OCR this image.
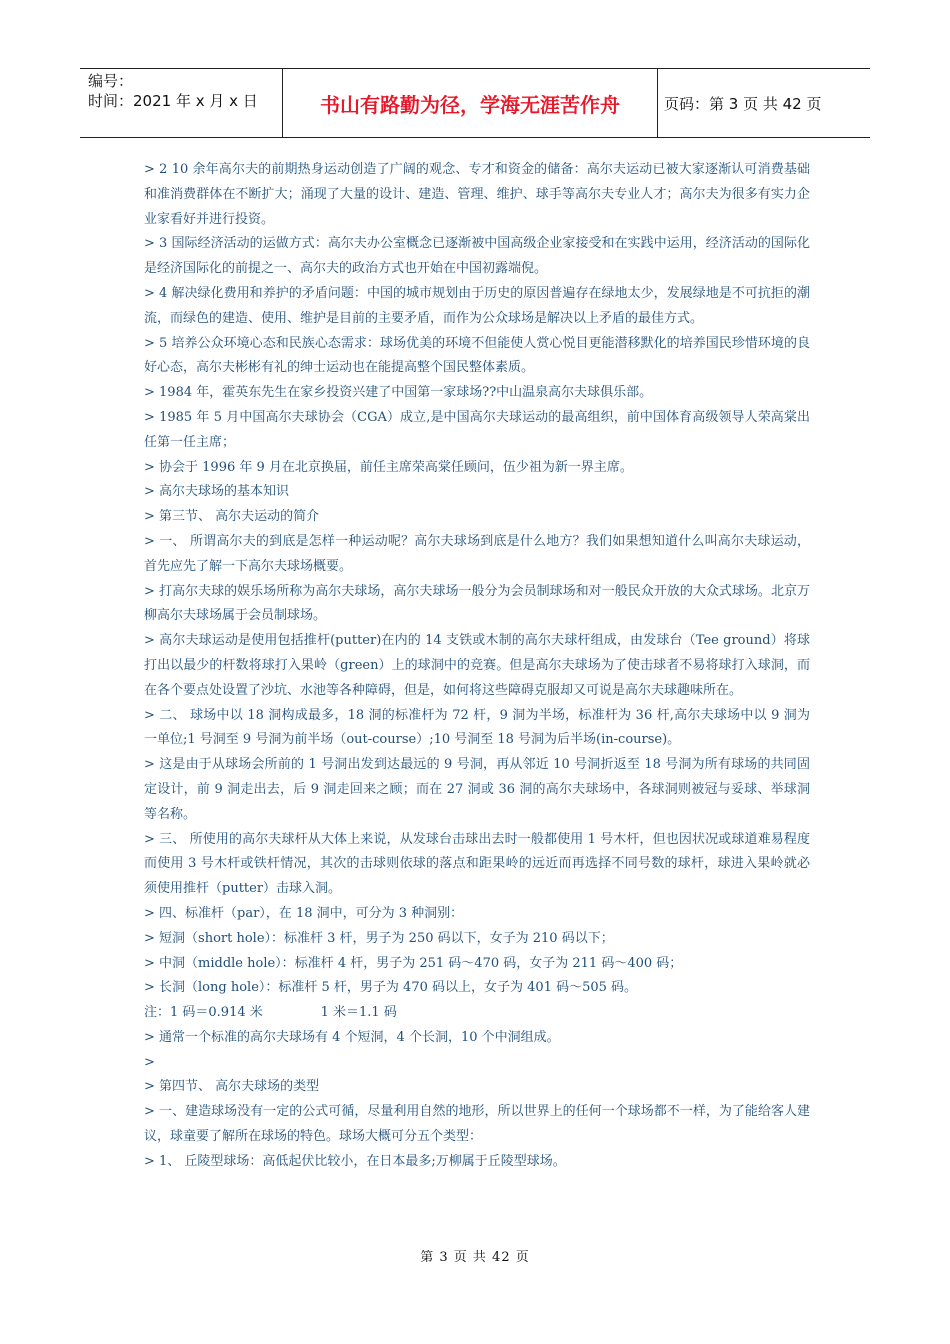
编号：
时间：2021 年 x 月 x 日	书山有路勤为径，学海无涯苦作舟	页码：第 3 页 共 42 页

> 2 10 余年高尔夫的前期热身运动创造了广阔的观念、专才和资金的储备：高尔夫运动已被大家逐渐认可消费基础和准消费群体在不断扩大；涌现了大量的设计、建造、管理、维护、球手等高尔夫专业人才；高尔夫为很多有实力企业家看好并进行投资。

> 3 国际经济活动的运做方式：高尔夫办公室概念已逐渐被中国高级企业家接受和在实践中运用，经济活动的国际化是经济国际化的前提之一、高尔夫的政治方式也开始在中国初露端倪。

> 4 解决绿化费用和养护的矛盾问题：中国的城市规划由于历史的原因普遍存在绿地太少，发展绿地是不可抗拒的潮流，而绿色的建造、使用、维护是目前的主要矛盾，而作为公众球场是解决以上矛盾的最佳方式。

> 5 培养公众环境心态和民族心态需求：球场优美的环境不但能使人赏心悦目更能潜移默化的培养国民珍惜环境的良好心态，高尔夫彬彬有礼的绅士运动也在能提高整个国民整体素质。

> 1984 年，霍英东先生在家乡投资兴建了中国第一家球场??中山温泉高尔夫球俱乐部。

> 1985 年 5 月中国高尔夫球协会（CGA）成立,是中国高尔夫球运动的最高组织，前中国体育高级领导人荣高棠出任第一任主席；

> 协会于 1996 年 9 月在北京换届，前任主席荣高棠任顾问，伍少祖为新一界主席。

> 高尔夫球场的基本知识

> 第三节、 高尔夫运动的简介

> 一、 所谓高尔夫的到底是怎样一种运动呢？高尔夫球场到底是什么地方？我们如果想知道什么叫高尔夫球运动，首先应先了解一下高尔夫球场概要。

> 打高尔夫球的娱乐场所称为高尔夫球场，高尔夫球场一般分为会员制球场和对一般民众开放的大众式球场。北京万柳高尔夫球场属于会员制球场。

> 高尔夫球运动是使用包括推杆(putter)在内的 14 支铁或木制的高尔夫球杆组成，由发球台（Tee ground）将球打出以最少的杆数将球打入果岭（green）上的球洞中的竞赛。但是高尔夫球场为了使击球者不易将球打入球洞，而在各个要点处设置了沙坑、水池等各种障碍，但是，如何将这些障碍克服却又可说是高尔夫球趣味所在。

> 二、 球场中以 18 洞构成最多，18 洞的标准杆为 72 杆，9 洞为半场，标准杆为 36 杆,高尔夫球场中以 9 洞为一单位;1 号洞至 9 号洞为前半场（out-course）;10 号洞至 18 号洞为后半场(in-course)。

> 这是由于从球场会所前的 1 号洞出发到达最远的 9 号洞，再从邻近 10 号洞折返至 18 号洞为所有球场的共同固定设计，前 9 洞走出去，后 9 洞走回来之顾；而在 27 洞或 36 洞的高尔夫球场中，各球洞则被冠与妥球、举球洞等名称。

> 三、 所使用的高尔夫球杆从大体上来说，从发球台击球出去时一般都使用 1 号木杆，但也因状况或球道难易程度而使用 3 号木杆或铁杆情况，其次的击球则依球的落点和距果岭的远近而再选择不同号数的球杆，球进入果岭就必须使用推杆（putter）击球入洞。

> 四、标准杆（par），在 18 洞中，可分为 3 种洞别：

> 短洞（short hole）：标准杆 3 杆，男子为 250 码以下，女子为 210 码以下；

> 中洞（middle hole）：标准杆 4 杆，男子为 251 码～470 码，女子为 211 码～400 码；

> 长洞（long hole）：标准杆 5 杆，男子为 470 码以上，女子为 401 码～505 码。

注：1 码＝0.914 米              1 米＝1.1 码

> 通常一个标准的高尔夫球场有 4 个短洞，4 个长洞，10 个中洞组成。

>

> 第四节、 高尔夫球场的类型

> 一、建造球场没有一定的公式可循，尽量利用自然的地形，所以世界上的任何一个球场都不一样，为了能给客人建议，球童要了解所在球场的特色。球场大概可分五个类型：

> 1、 丘陵型球场：高低起伏比较小，在日本最多;万柳属于丘陵型球场。

第 3 页 共 42 页
